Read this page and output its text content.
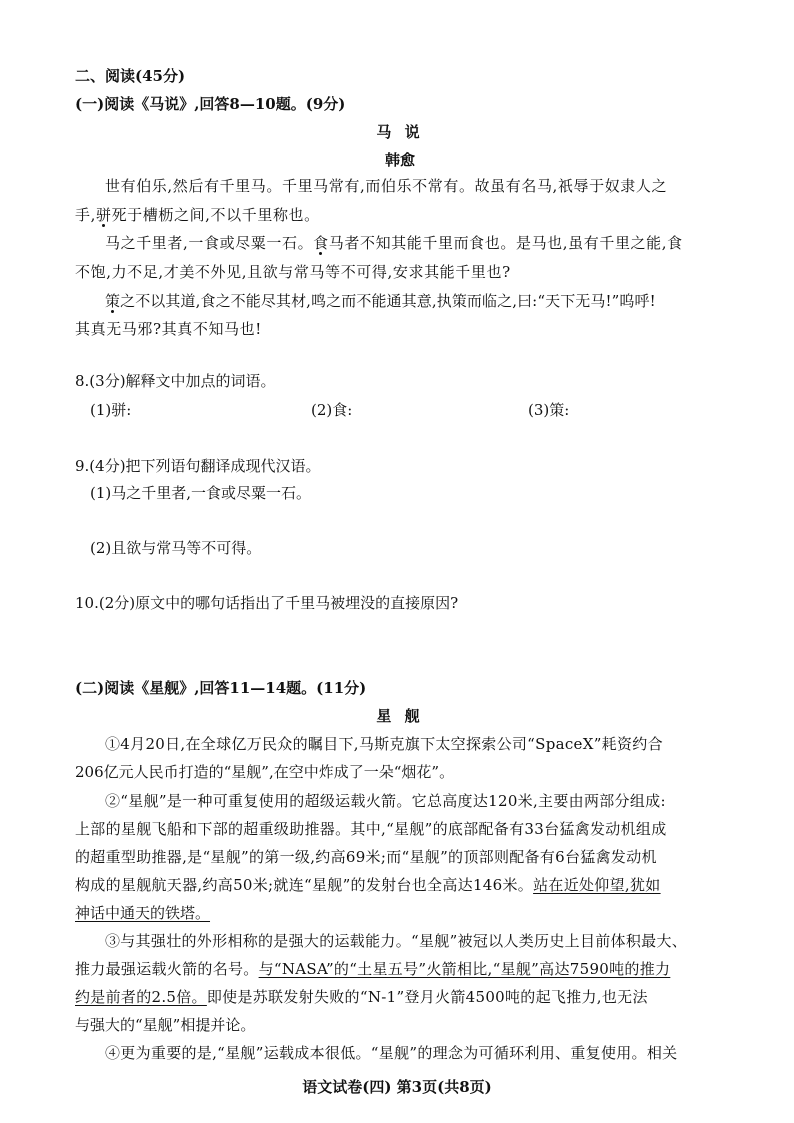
二、阅读(45分)
(一)阅读《马说》,回答8—10题。(9分)
马 说
韩愈
世有伯乐,然后有千里马。千里马常有,而伯乐不常有。故虽有名马,祇辱于奴隶人之
手,骈死于槽枥之间,不以千里称也。
马之千里者,一食或尽粟一石。食马者不知其能千里而食也。是马也,虽有千里之能,食
不饱,力不足,才美不外见,且欲与常马等不可得,安求其能千里也?
策之不以其道,食之不能尽其材,鸣之而不能通其意,执策而临之,曰:“天下无马!”呜呼!
其真无马邪?其真不知马也!
8.(3分)解释文中加点的词语。
(1)骈:	(2)食:	(3)策:
9.(4分)把下列语句翻译成现代汉语。
(1)马之千里者,一食或尽粟一石。
(2)且欲与常马等不可得。
10.(2分)原文中的哪句话指出了千里马被埋没的直接原因?
(二)阅读《星舰》,回答11—14题。(11分)
星 舰
①4月20日,在全球亿万民众的瞩目下,马斯克旗下太空探索公司“SpaceX”耗资约合
206亿元人民币打造的“星舰”,在空中炸成了一朵“烟花”。
②“星舰”是一种可重复使用的超级运载火箭。它总高度达120米,主要由两部分组成:
上部的星舰飞船和下部的超重级助推器。其中,“星舰”的底部配备有33台猛禽发动机组成
的超重型助推器,是“星舰”的第一级,约高69米;而“星舰”的顶部则配备有6台猛禽发动机
构成的星舰航天器,约高50米;就连“星舰”的发射台也全高达146米。站在近处仰望,犹如
神话中通天的铁塔。
③与其强壮的外形相称的是强大的运载能力。“星舰”被冠以人类历史上目前体积最大、
推力最强运载火箭的名号。与“NASA”的“土星五号”火箭相比,“星舰”高达7590吨的推力
约是前者的2.5倍。即使是苏联发射失败的“N-1”登月火箭4500吨的起飞推力,也无法
与强大的“星舰”相提并论。
④更为重要的是,“星舰”运载成本很低。“星舰”的理念为可循环利用、重复使用。相关
语文试卷(四) 第3页(共8页)
